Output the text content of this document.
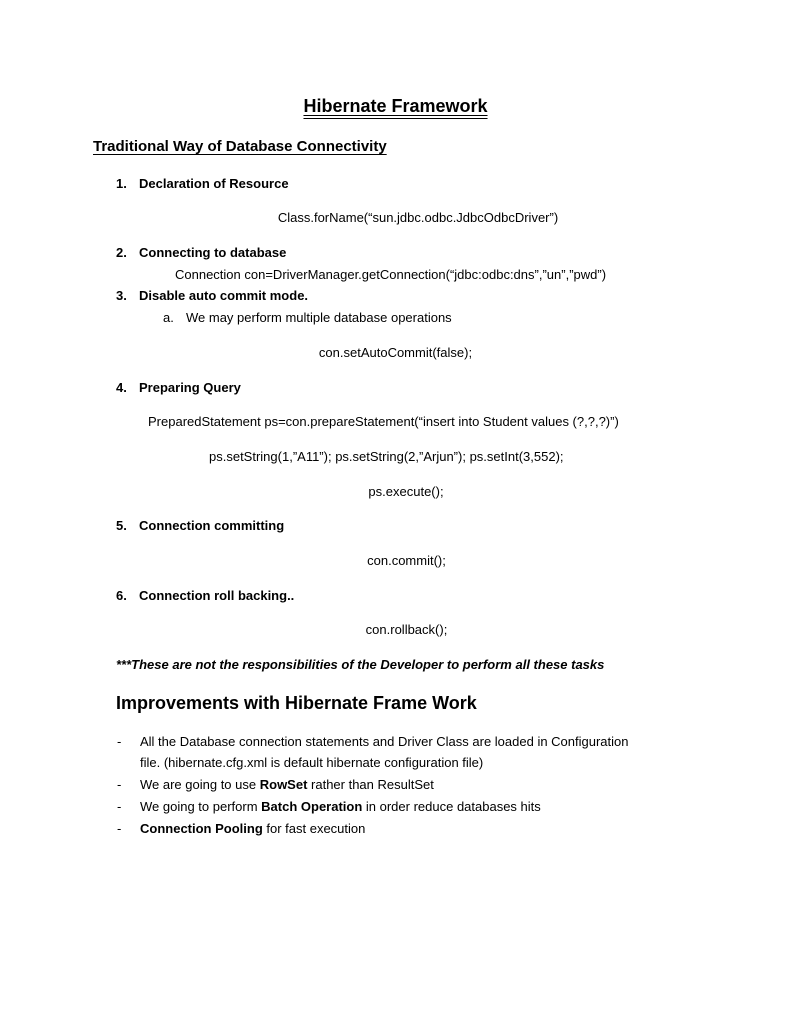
Hibernate Framework
Traditional Way of Database Connectivity
1. Declaration of Resource
Class.forName(“sun.jdbc.odbc.JdbcOdbcDriver”)
2. Connecting to database
Connection con=DriverManager.getConnection(“jdbc:odbc:dns”,”un”,”pwd”)
3. Disable auto commit mode.
a. We may perform multiple database operations
con.setAutoCommit(false);
4. Preparing Query
PreparedStatement ps=con.prepareStatement(“insert into Student values (?,?,?)”)
ps.setString(1,”A11”); ps.setString(2,”Arjun”); ps.setInt(3,552);
ps.execute();
5. Connection committing
con.commit();
6. Connection roll backing..
con.rollback();
***These are not the responsibilities of the Developer to perform all these tasks
Improvements with Hibernate Frame Work
- All the Database connection statements and Driver Class are loaded in Configuration
file. (hibernate.cfg.xml is default hibernate configuration file)
- We are going to use RowSet rather than ResultSet
- We going to perform Batch Operation in order reduce databases hits
- Connection Pooling for fast execution
